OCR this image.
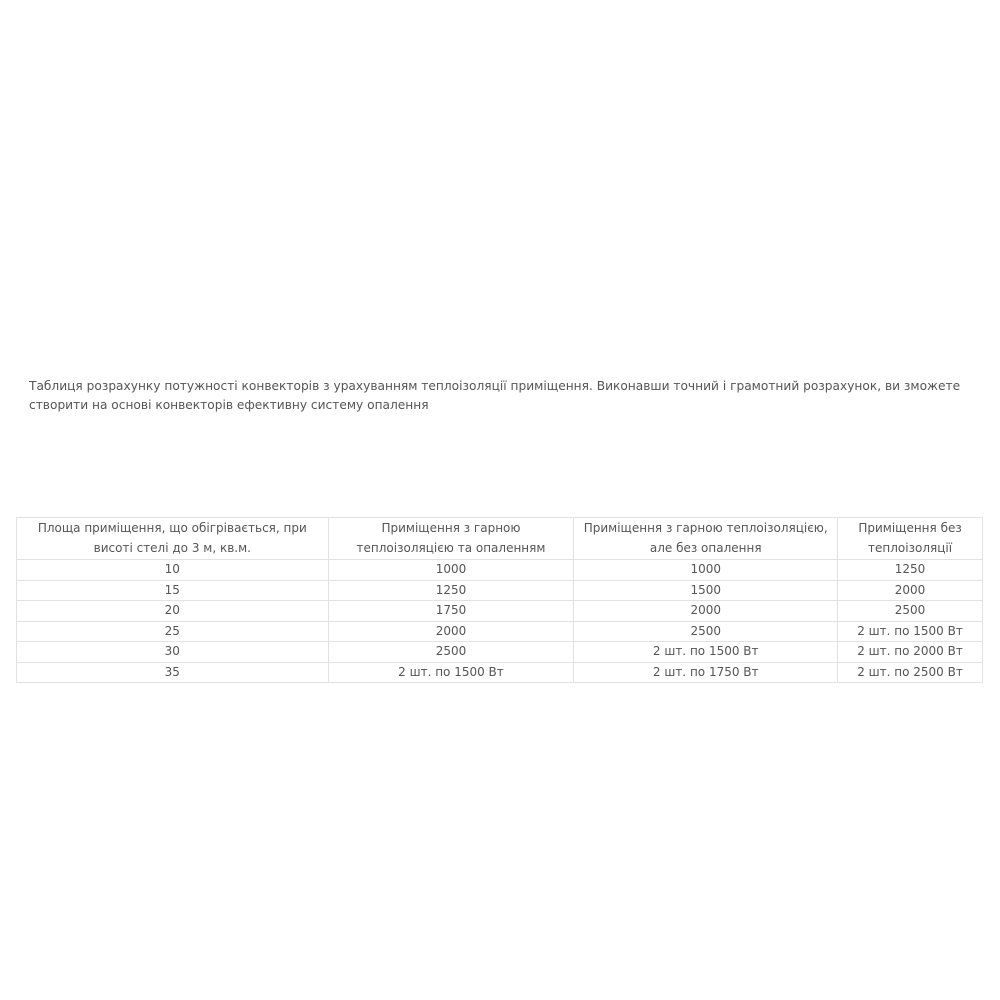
Таблиця розрахунку потужності конвекторів з урахуванням теплоізоляції приміщення. Виконавши точний і грамотний розрахунок, ви зможете створити на основі конвекторів ефективну систему опалення

Площа приміщення, що обігрівається, при висоті стелі до 3 м, кв.м.	Приміщення з гарною теплоізоляцією та опаленням	Приміщення з гарною теплоізоляцією, але без опалення	Приміщення без теплоізоляції
10	1000	1000	1250
15	1250	1500	2000
20	1750	2000	2500
25	2000	2500	2 шт. по 1500 Вт
30	2500	2 шт. по 1500 Вт	2 шт. по 2000 Вт
35	2 шт. по 1500 Вт	2 шт. по 1750 Вт	2 шт. по 2500 Вт
